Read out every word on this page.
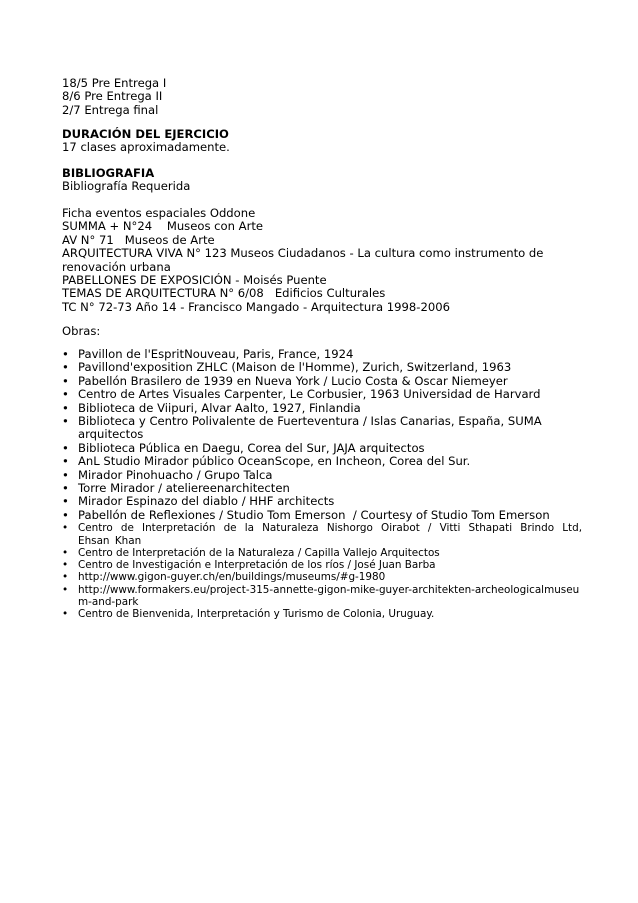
18/5 Pre Entrega I
8/6 Pre Entrega II
2/7 Entrega final
DURACIÓN DEL EJERCICIO
17 clases aproximadamente.
BIBLIOGRAFIA
Bibliografía Requerida
Ficha eventos espaciales Oddone
SUMMA + N°24    Museos con Arte
AV N° 71   Museos de Arte
ARQUITECTURA VIVA N° 123 Museos Ciudadanos - La cultura como instrumento de renovación urbana
PABELLONES DE EXPOSICIÓN - Moisés Puente
TEMAS DE ARQUITECTURA N° 6/08   Edificios Culturales
TC N° 72-73 Año 14 - Francisco Mangado - Arquitectura 1998-2006
Obras:
• Pavillon de l'EspritNouveau, Paris, France, 1924
• Pavillond'exposition ZHLC (Maison de l'Homme), Zurich, Switzerland, 1963
• Pabellón Brasilero de 1939 en Nueva York / Lucio Costa & Oscar Niemeyer
• Centro de Artes Visuales Carpenter, Le Corbusier, 1963 Universidad de Harvard
• Biblioteca de Viipuri, Alvar Aalto, 1927, Finlandia
• Biblioteca y Centro Polivalente de Fuerteventura / Islas Canarias, España, SUMA arquitectos
• Biblioteca Pública en Daegu, Corea del Sur, JAJA arquitectos
• AnL Studio Mirador público OceanScope, en Incheon, Corea del Sur.
• Mirador Pinohuacho / Grupo Talca
• Torre Mirador / ateliereenarchitecten
• Mirador Espinazo del diablo / HHF architects
• Pabellón de Reflexiones / Studio Tom Emerson  / Courtesy of Studio Tom Emerson
• Centro de Interpretación de la Naturaleza Nishorgo Oirabot / Vitti Sthapati Brindo Ltd, Ehsan Khan
• Centro de Interpretación de la Naturaleza / Capilla Vallejo Arquitectos
• Centro de Investigación e Interpretación de los ríos / José Juan Barba
• http://www.gigon-guyer.ch/en/buildings/museums/#g-1980
• http://www.formakers.eu/project-315-annette-gigon-mike-guyer-architekten-archeologicalmuseum-and-park
• Centro de Bienvenida, Interpretación y Turismo de Colonia, Uruguay.
